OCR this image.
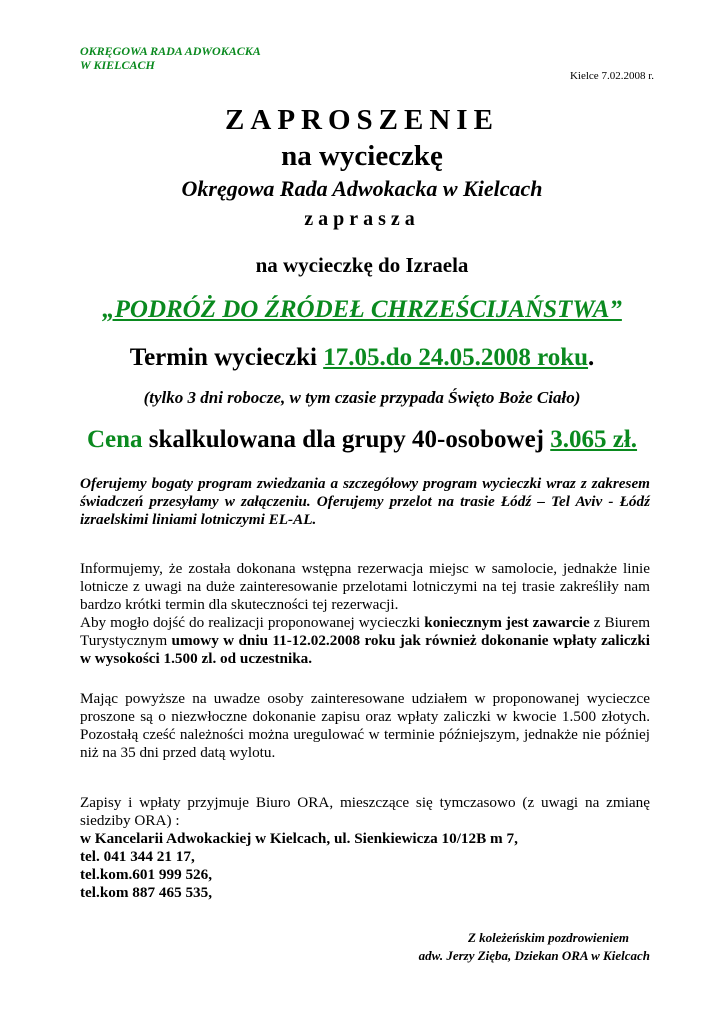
OKRĘGOWA RADA ADWOKACKA
W KIELCACH
Kielce 7.02.2008 r.
ZAPROSZENIE
na wycieczkę
Okręgowa Rada Adwokacka w Kielcach
zaprasza
na wycieczkę do Izraela
„PODRÓŻ DO ŹRÓDEŁ CHRZEŚCIJAŃSTWA”
Termin wycieczki 17.05.do 24.05.2008 roku.
(tylko 3 dni robocze, w tym czasie przypada Święto Boże Ciało)
Cena skalkulowana dla grupy 40-osobowej 3.065 zł.
Oferujemy bogaty program zwiedzania a szczegółowy program wycieczki wraz z zakresem świadczeń przesyłamy w załączeniu. Oferujemy przelot na trasie Łódź – Tel Aviv - Łódź izraelskimi liniami lotniczymi EL-AL.
Informujemy, że została dokonana wstępna rezerwacja miejsc w samolocie, jednakże linie lotnicze z uwagi na duże zainteresowanie przelotami lotniczymi na tej trasie zakreśliły nam bardzo krótki termin dla skuteczności tej rezerwacji.
Aby mogło dojść do realizacji proponowanej wycieczki koniecznym jest zawarcie z Biurem Turystycznym umowy w dniu 11-12.02.2008 roku jak również dokonanie wpłaty zaliczki w wysokości 1.500 zl. od uczestnika.
Mając powyższe na uwadze osoby zainteresowane udziałem w proponowanej wycieczce proszone są o niezwłoczne dokonanie zapisu oraz wpłaty zaliczki w kwocie 1.500 złotych. Pozostałą cześć należności można uregulować w terminie późniejszym, jednakże nie później niż na 35 dni przed datą wylotu.
Zapisy i wpłaty przyjmuje Biuro ORA, mieszczące się tymczasowo (z uwagi na zmianę siedziby ORA) :
w Kancelarii Adwokackiej w Kielcach, ul. Sienkiewicza 10/12B m 7,
tel. 041 344 21 17,
tel.kom.601 999 526,
tel.kom 887 465 535,
Z koleżeńskim pozdrowieniem
adw. Jerzy Zięba, Dziekan ORA w Kielcach
